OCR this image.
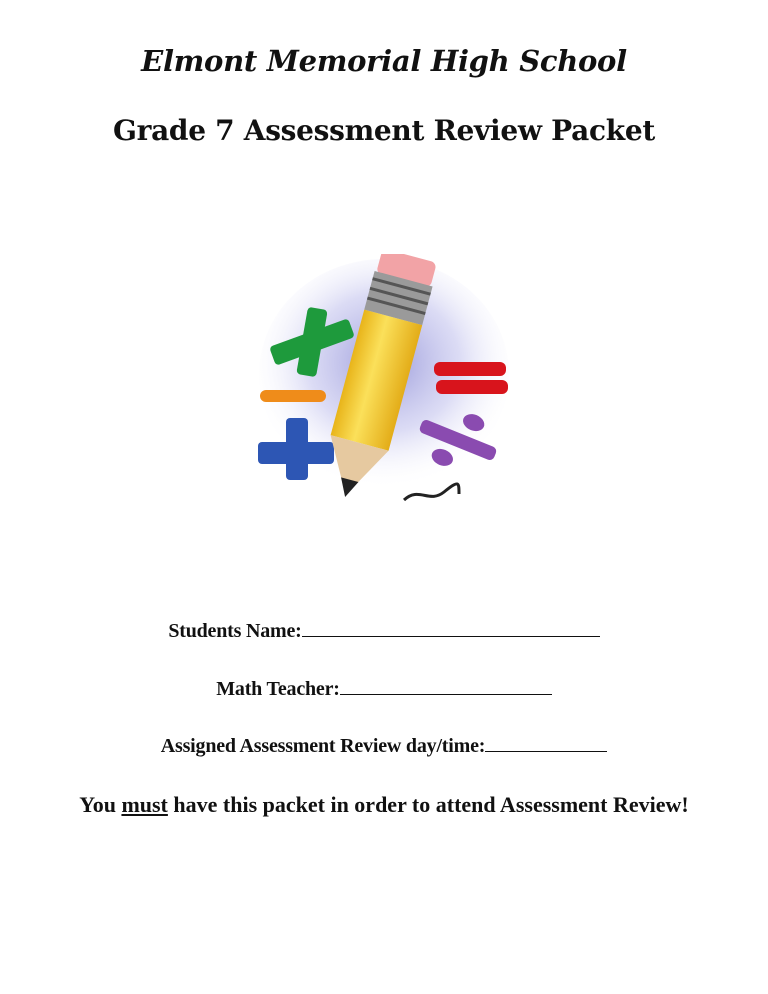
Elmont Memorial High School
Grade 7 Assessment Review Packet
Students Name:
Math Teacher:
Assigned Assessment Review day/time:
You must have this packet in order to attend Assessment Review!
